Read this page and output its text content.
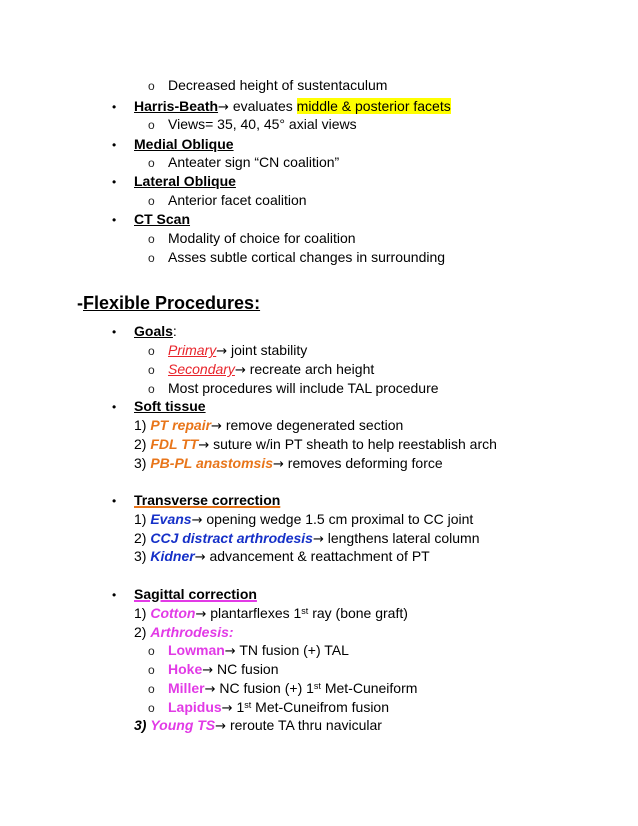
o Decreased height of sustentaculum
• Harris-Beath→ evaluates middle & posterior facets
o Views= 35, 40, 45° axial views
• Medial Oblique
o Anteater sign “CN coalition”
• Lateral Oblique
o Anterior facet coalition
• CT Scan
o Modality of choice for coalition
o Asses subtle cortical changes in surrounding
-Flexible Procedures:
• Goals:
o Primary→ joint stability
o Secondary→ recreate arch height
o Most procedures will include TAL procedure
• Soft tissue
1) PT repair→ remove degenerated section
2) FDL TT→ suture w/in PT sheath to help reestablish arch
3) PB-PL anastomsis→ removes deforming force
• Transverse correction
1) Evans→ opening wedge 1.5 cm proximal to CC joint
2) CCJ distract arthrodesis→ lengthens lateral column
3) Kidner→ advancement & reattachment of PT
• Sagittal correction
1) Cotton→ plantarflexes 1st ray (bone graft)
2) Arthrodesis:
o Lowman→ TN fusion (+) TAL
o Hoke→ NC fusion
o Miller→ NC fusion (+) 1st Met-Cuneiform
o Lapidus→ 1st Met-Cuneifrom fusion
3) Young TS→ reroute TA thru navicular
